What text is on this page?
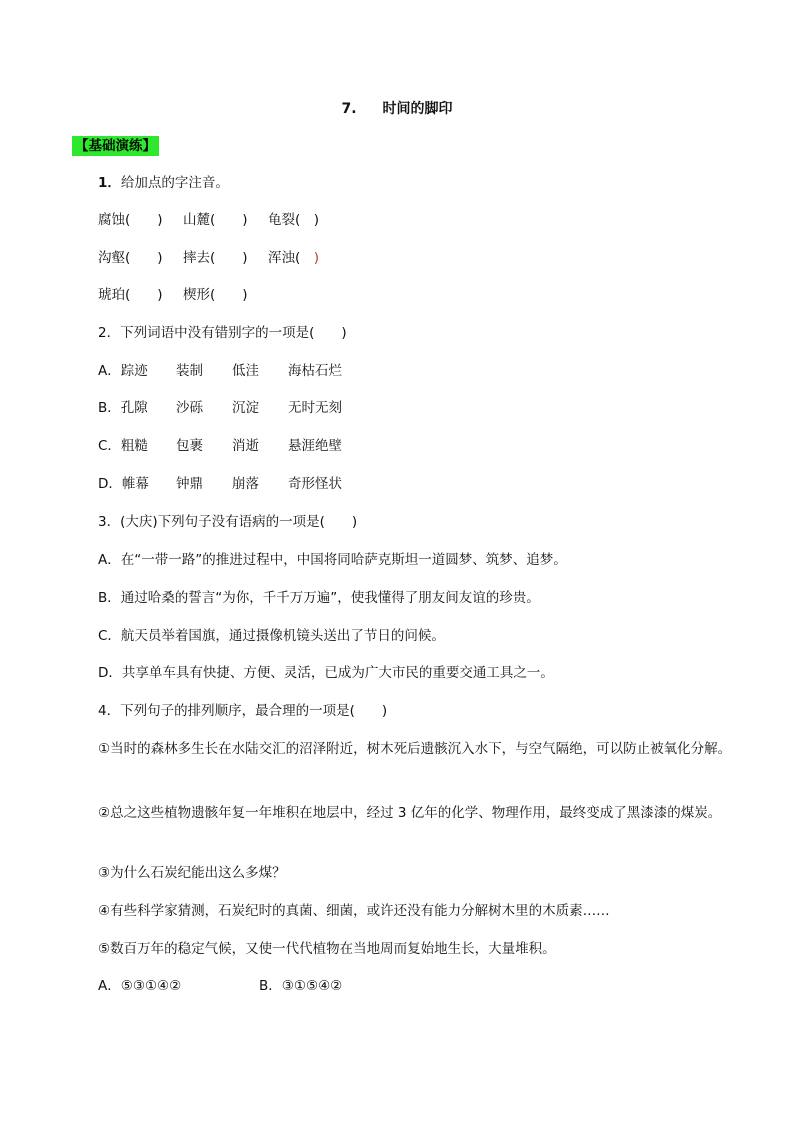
7. 时间的脚印
【基础演练】
1．给加点的字注音。
腐蚀(　　) 山麓(　　) 龟裂(　)
沟壑(　　) 摔去(　　) 浑浊(　)
琥珀(　　) 楔形(　　)
2．下列词语中没有错别字的一项是(　　)
A．踪迹 装制 低洼 海枯石烂
B．孔隙 沙砾 沉淀 无时无刻
C．粗糙 包裹 消逝 悬涯绝壁
D．帷幕 钟鼎 崩落 奇形怪状
3．(大庆)下列句子没有语病的一项是(　　)
A．在“一带一路”的推进过程中，中国将同哈萨克斯坦一道圆梦、筑梦、追梦。
B．通过哈桑的誓言“为你，千千万万遍”，使我懂得了朋友间友谊的珍贵。
C．航天员举着国旗，通过摄像机镜头送出了节日的问候。
D．共享单车具有快捷、方便、灵活，已成为广大市民的重要交通工具之一。
4．下列句子的排列顺序，最合理的一项是(　　)
①当时的森林多生长在水陆交汇的沼泽附近，树木死后遗骸沉入水下，与空气隔绝，可以防止被氧化分解。
②总之这些植物遗骸年复一年堆积在地层中，经过 3 亿年的化学、物理作用，最终变成了黑漆漆的煤炭。
③为什么石炭纪能出这么多煤？
④有些科学家猜测，石炭纪时的真菌、细菌，或许还没有能力分解树木里的木质素……
⑤数百万年的稳定气候，又使一代代植物在当地周而复始地生长，大量堆积。
A．⑤③①④②	B．③①⑤④②
